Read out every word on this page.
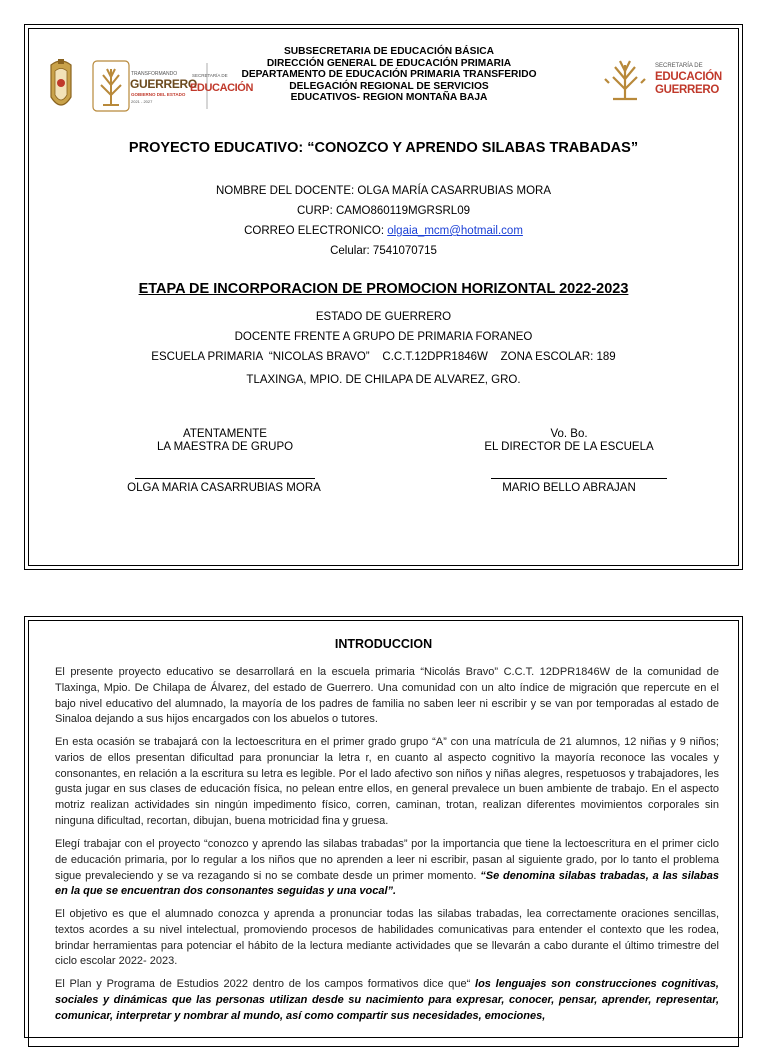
TRANSFORMANDO
GUERRERO
GOBIERNO DEL ESTADO
2021 - 2027
SECRETARÍA DE
EDUCACIÓN
SUBSECRETARIA DE EDUCACIÓN BÁSICA
DIRECCIÓN GENERAL DE EDUCACIÓN PRIMARIA
DEPARTAMENTO DE EDUCACIÓN PRIMARIA TRANSFERIDO
DELEGACIÓN REGIONAL DE SERVICIOS
EDUCATIVOS- REGION MONTAÑA BAJA
SECRETARÍA DE
EDUCACIÓN
GUERRERO
PROYECTO EDUCATIVO: “CONOZCO Y APRENDO SILABAS TRABADAS”
NOMBRE DEL DOCENTE: OLGA MARÍA CASARRUBIAS MORA
CURP: CAMO860119MGRSRL09
CORREO ELECTRONICO: olgaia_mcm@hotmail.com
Celular: 7541070715
ETAPA DE INCORPORACION DE PROMOCION HORIZONTAL 2022-2023
ESTADO DE GUERRERO
DOCENTE FRENTE A GRUPO DE PRIMARIA FORANEO
ESCUELA PRIMARIA  “NICOLAS BRAVO”    C.C.T.12DPR1846W    ZONA ESCOLAR: 189
TLAXINGA, MPIO. DE CHILAPA DE ALVAREZ, GRO.
ATENTAMENTE
LA MAESTRA DE GRUPO
Vo. Bo.
EL DIRECTOR DE LA ESCUELA
OLGA MARIA CASARRUBIAS MORA	MARIO BELLO ABRAJAN
INTRODUCCION
El presente proyecto educativo se desarrollará en la escuela primaria “Nicolás Bravo” C.C.T. 12DPR1846W de la comunidad de Tlaxinga, Mpio. De Chilapa de Álvarez, del estado de Guerrero. Una comunidad con un alto índice de migración que repercute en el bajo nivel educativo del alumnado, la mayoría de los padres de familia no saben leer ni escribir y se van por temporadas al estado de Sinaloa dejando a sus hijos encargados con los abuelos o tutores.
En esta ocasión se trabajará con la lectoescritura en el primer grado grupo “A” con una matrícula de 21 alumnos, 12 niñas y 9 niños; varios de ellos presentan dificultad para pronunciar la letra r, en cuanto al aspecto cognitivo la mayoría reconoce las vocales y consonantes, en relación a la escritura su letra es legible. Por el lado afectivo son niños y niñas alegres, respetuosos y trabajadores, les gusta jugar en sus clases de educación física, no pelean entre ellos, en general prevalece un buen ambiente de trabajo. En el aspecto motriz realizan actividades sin ningún impedimento físico, corren, caminan, trotan, realizan diferentes movimientos corporales sin ninguna dificultad, recortan, dibujan, buena motricidad fina y gruesa.
Elegí trabajar con el proyecto “conozco y aprendo las silabas trabadas” por la importancia que tiene la lectoescritura en el primer ciclo de educación primaria, por lo regular a los niños que no aprenden a leer ni escribir, pasan al siguiente grado, por lo tanto el problema sigue prevaleciendo y se va rezagando si no se combate desde un primer momento. “Se denomina silabas trabadas, a las silabas en la que se encuentran dos consonantes seguidas y una vocal”.
El objetivo es que el alumnado conozca y aprenda a pronunciar todas las silabas trabadas, lea correctamente oraciones sencillas, textos acordes a su nivel intelectual, promoviendo procesos de habilidades comunicativas para entender el contexto que les rodea, brindar herramientas para potenciar el hábito de la lectura mediante actividades que se llevarán a cabo durante el último trimestre del ciclo escolar 2022- 2023.
El Plan y Programa de Estudios 2022 dentro de los campos formativos dice que“ los lenguajes son construcciones cognitivas, sociales y dinámicas que las personas utilizan desde su nacimiento para expresar, conocer, pensar, aprender, representar, comunicar, interpretar y nombrar al mundo, así como compartir sus necesidades, emociones,
